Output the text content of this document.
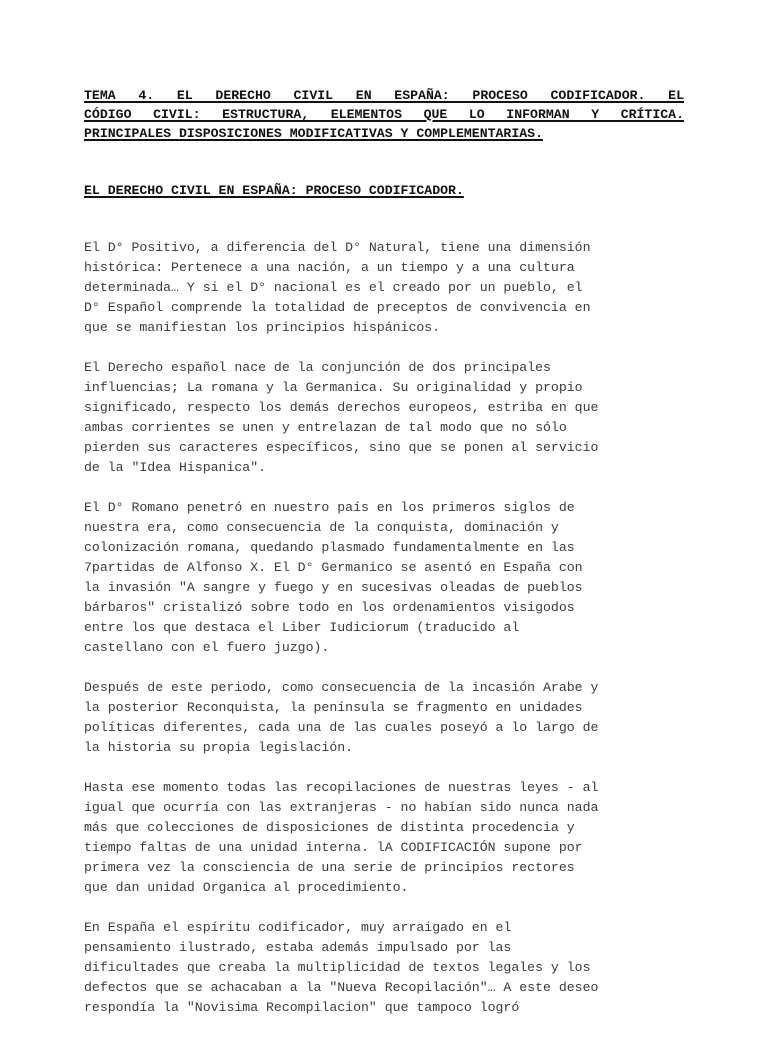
TEMA 4. EL DERECHO CIVIL EN ESPAÑA: PROCESO CODIFICADOR. EL
CÓDIGO CIVIL: ESTRUCTURA, ELEMENTOS QUE LO INFORMAN Y CRÍTICA.
PRINCIPALES DISPOSICIONES MODIFICATIVAS Y COMPLEMENTARIAS.
EL DERECHO CIVIL EN ESPAÑA: PROCESO CODIFICADOR.

El D° Positivo, a diferencia del D° Natural, tiene una dimensión
histórica: Pertenece a una nación, a un tiempo y a una cultura
determinada… Y si el D° nacional es el creado por un pueblo, el
D° Español comprende la totalidad de preceptos de convivencia en
que se manifiestan los principios hispánicos.

El Derecho español nace de la conjunción de dos principales
influencias; La romana y la Germanica. Su originalidad y propio
significado, respecto los demás derechos europeos, estriba en que
ambas corrientes se unen y entrelazan de tal modo que no sólo
pierden sus caracteres específicos, sino que se ponen al servicio
de la "Idea Hispanica".

El D° Romano penetró en nuestro país en los primeros siglos de
nuestra era, como consecuencia de la conquista, dominación y
colonización romana, quedando plasmado fundamentalmente en las
7partidas de Alfonso X. El D° Germanico se asentó en España con
la invasión "A sangre y fuego y en sucesivas oleadas de pueblos
bárbaros" cristalizó sobre todo en los ordenamientos visigodos
entre los que destaca el Liber Iudiciorum (traducido al
castellano con el fuero juzgo).

Después de este periodo, como consecuencia de la incasión Arabe y
la posterior Reconquista, la península se fragmento en unidades
políticas diferentes, cada una de las cuales poseyó a lo largo de
la historia su propia legislación.

Hasta ese momento todas las recopilaciones de nuestras leyes - al
igual que ocurría con las extranjeras - no habían sido nunca nada
más que colecciones de disposiciones de distinta procedencia y
tiempo faltas de una unidad interna. lA CODIFICACIÓN supone por
primera vez la consciencia de una serie de principios rectores
que dan unidad Organica al procedimiento.

En España el espíritu codificador, muy arraigado en el
pensamiento ilustrado, estaba además impulsado por las
dificultades que creaba la multiplicidad de textos legales y los
defectos que se achacaban a la "Nueva Recopilación"… A este deseo
respondía la "Novisima Recompilacion" que tampoco logró
